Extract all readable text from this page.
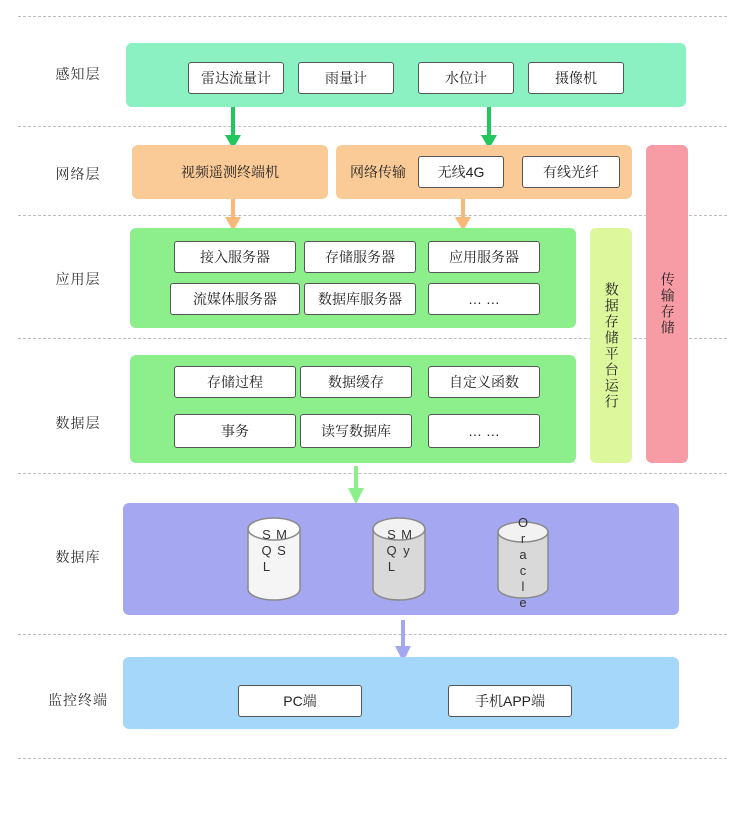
感知层
网络层
应用层
数据层
数据库
监控终端
雷达流量计	雨量计	水位计	摄像机
视频遥测终端机	网络传输	无线4G	有线光纤
接入服务器	存储服务器	应用服务器
流媒体服务器	数据库服务器	… …
存储过程	数据缓存	自定义函数
事务	读写数据库	… …
数据存储平台运行	传输存储
MS SQL	My SQL	Oracle
PC端	手机APP端
